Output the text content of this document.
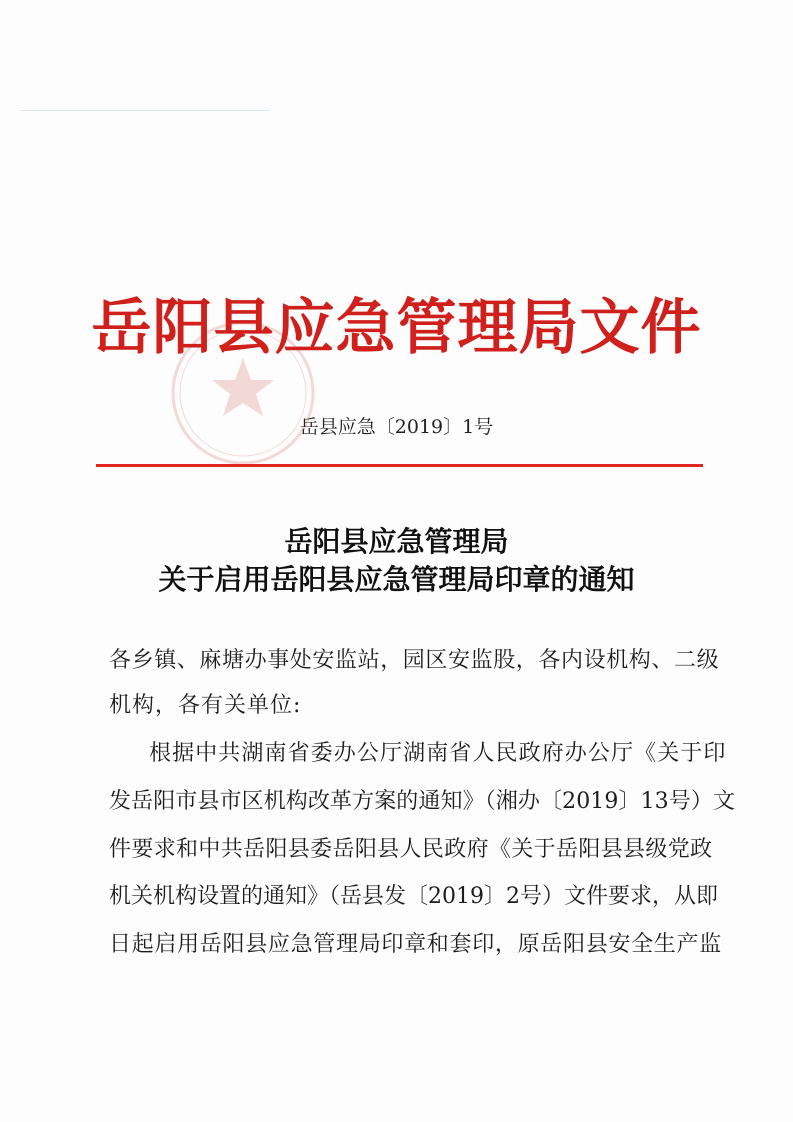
岳阳县应急管理局文件
岳县应急〔2019〕1号
岳阳县应急管理局
关于启用岳阳县应急管理局印章的通知
各乡镇、麻塘办事处安监站，园区安监股，各内设机构、二级
机构，各有关单位:
根据中共湖南省委办公厅湖南省人民政府办公厅《关于印
发岳阳市县市区机构改革方案的通知》（湘办〔2019〕13号）文
件要求和中共岳阳县委岳阳县人民政府《关于岳阳县县级党政
机关机构设置的通知》（岳县发〔2019〕2号）文件要求，从即
日起启用岳阳县应急管理局印章和套印，原岳阳县安全生产监
